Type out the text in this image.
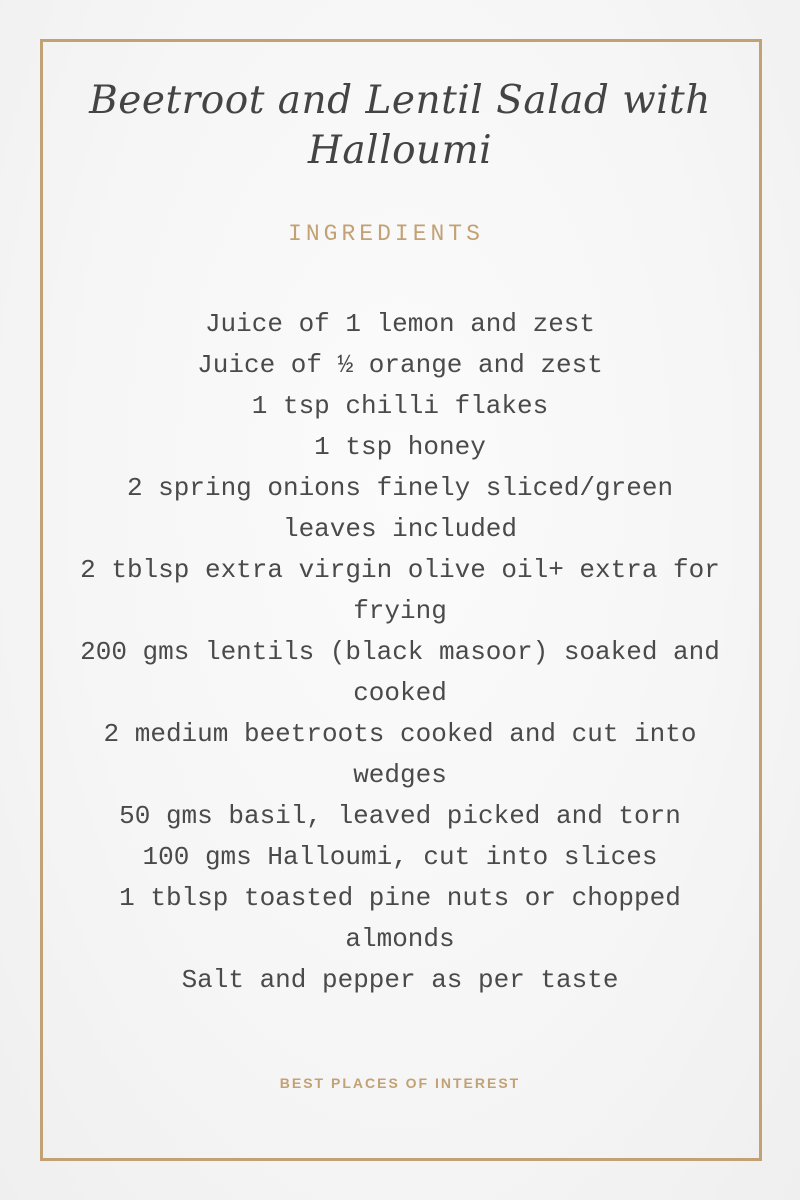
Beetroot and Lentil Salad with Halloumi
INGREDIENTS
Juice of 1 lemon and zest
Juice of ½ orange and zest
1 tsp chilli flakes
1 tsp honey
2 spring onions finely sliced/green leaves included
2 tblsp extra virgin olive oil+ extra for frying
200 gms lentils (black masoor) soaked and cooked
2 medium beetroots cooked and cut into wedges
50 gms basil, leaved picked and torn
100 gms Halloumi, cut into slices
1 tblsp toasted pine nuts or chopped almonds
Salt and pepper as per taste
BEST PLACES OF INTEREST
